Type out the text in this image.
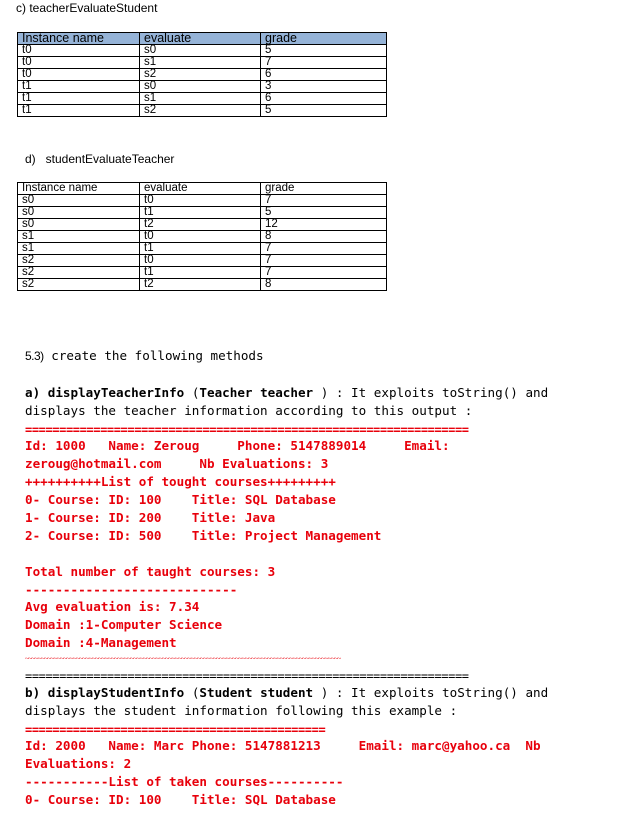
c) teacherEvaluateStudent
Instance name	evaluate	grade
t0	s0	5
t0	s1	7
t0	s2	6
t1	s0	3
t1	s1	6
t1	s2	5
d)   studentEvaluateTeacher
Instance name	evaluate	grade
s0	t0	7
s0	t1	5
s0	t2	12
s1	t0	8
s1	t1	7
s2	t0	7
s2	t1	7
s2	t2	8
5.3) create the following methods
a) displayTeacherInfo (Teacher teacher ) : It exploits toString() and
displays the teacher information according to this output :
=================================================================
Id: 1000   Name: Zeroug     Phone: 5147889014     Email:
zeroug@hotmail.com     Nb Evaluations: 3
++++++++++List of tought courses+++++++++
0- Course: ID: 100    Title: SQL Database
1- Course: ID: 200    Title: Java
2- Course: ID: 500    Title: Project Management
Total number of taught courses: 3
----------------------------
Avg evaluation is: 7.34
Domain :1-Computer Science
Domain :4-Management
~~~~~~~~~~~~~~~~~~~~~~~~~~~~~~~~~~~~~~~~~~~~~~~~~~~~~~~~~~~~~~~~~~~~~~~~~~~~~~~~~~~~~~~~~~~~~~~~~~~
=================================================================
b) displayStudentInfo (Student student ) : It exploits toString() and
displays the student information following this example :
============================================
Id: 2000   Name: Marc Phone: 5147881213     Email: marc@yahoo.ca  Nb
Evaluations: 2
-----------List of taken courses----------
0- Course: ID: 100    Title: SQL Database
